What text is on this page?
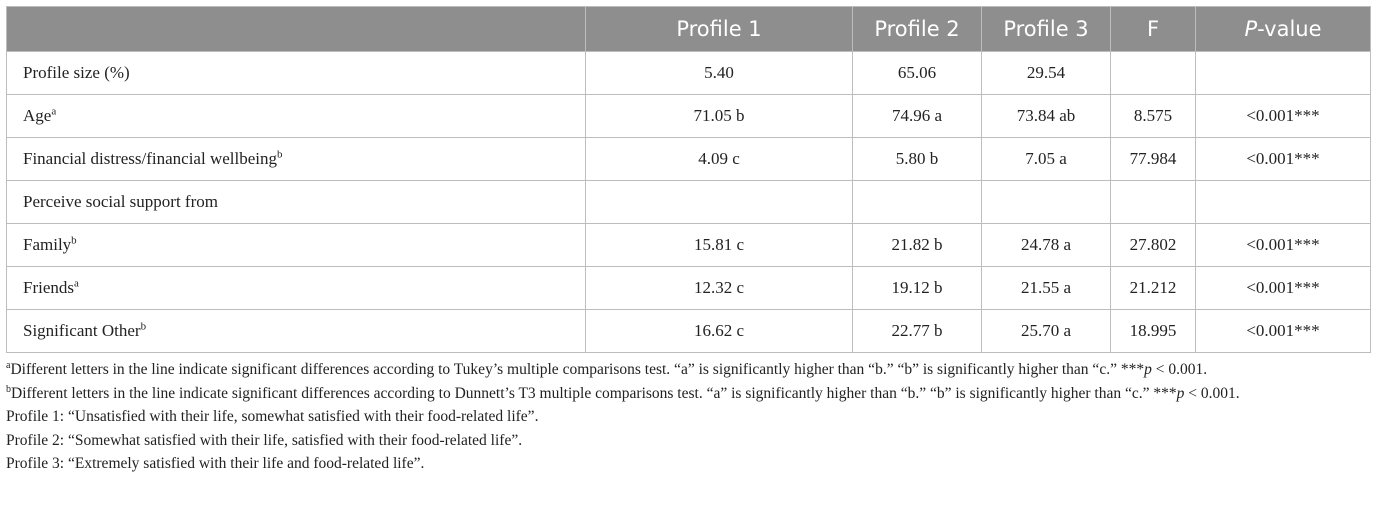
	Profile 1	Profile 2	Profile 3	F	P-value
Profile size (%)	5.40	65.06	29.54		
Age$^a$	71.05 b	74.96 a	73.84 ab	8.575	<0.001***
Financial distress/financial wellbeing$^b$	4.09 c	5.80 b	7.05 a	77.984	<0.001***
Perceive social support from					
Family$^b$	15.81 c	21.82 b	24.78 a	27.802	<0.001***
Friends$^a$	12.32 c	19.12 b	21.55 a	21.212	<0.001***
Significant Other$^b$	16.62 c	22.77 b	25.70 a	18.995	<0.001***

$^a$Different letters in the line indicate significant differences according to Tukey’s multiple comparisons test. “a” is significantly higher than “b.” “b” is significantly higher than “c.” ***p < 0.001.

$^b$Different letters in the line indicate significant differences according to Dunnett’s T3 multiple comparisons test. “a” is significantly higher than “b.” “b” is significantly higher than “c.” ***p < 0.001.

Profile 1: “Unsatisfied with their life, somewhat satisfied with their food-related life”.

Profile 2: “Somewhat satisfied with their life, satisfied with their food-related life”.

Profile 3: “Extremely satisfied with their life and food-related life”.
